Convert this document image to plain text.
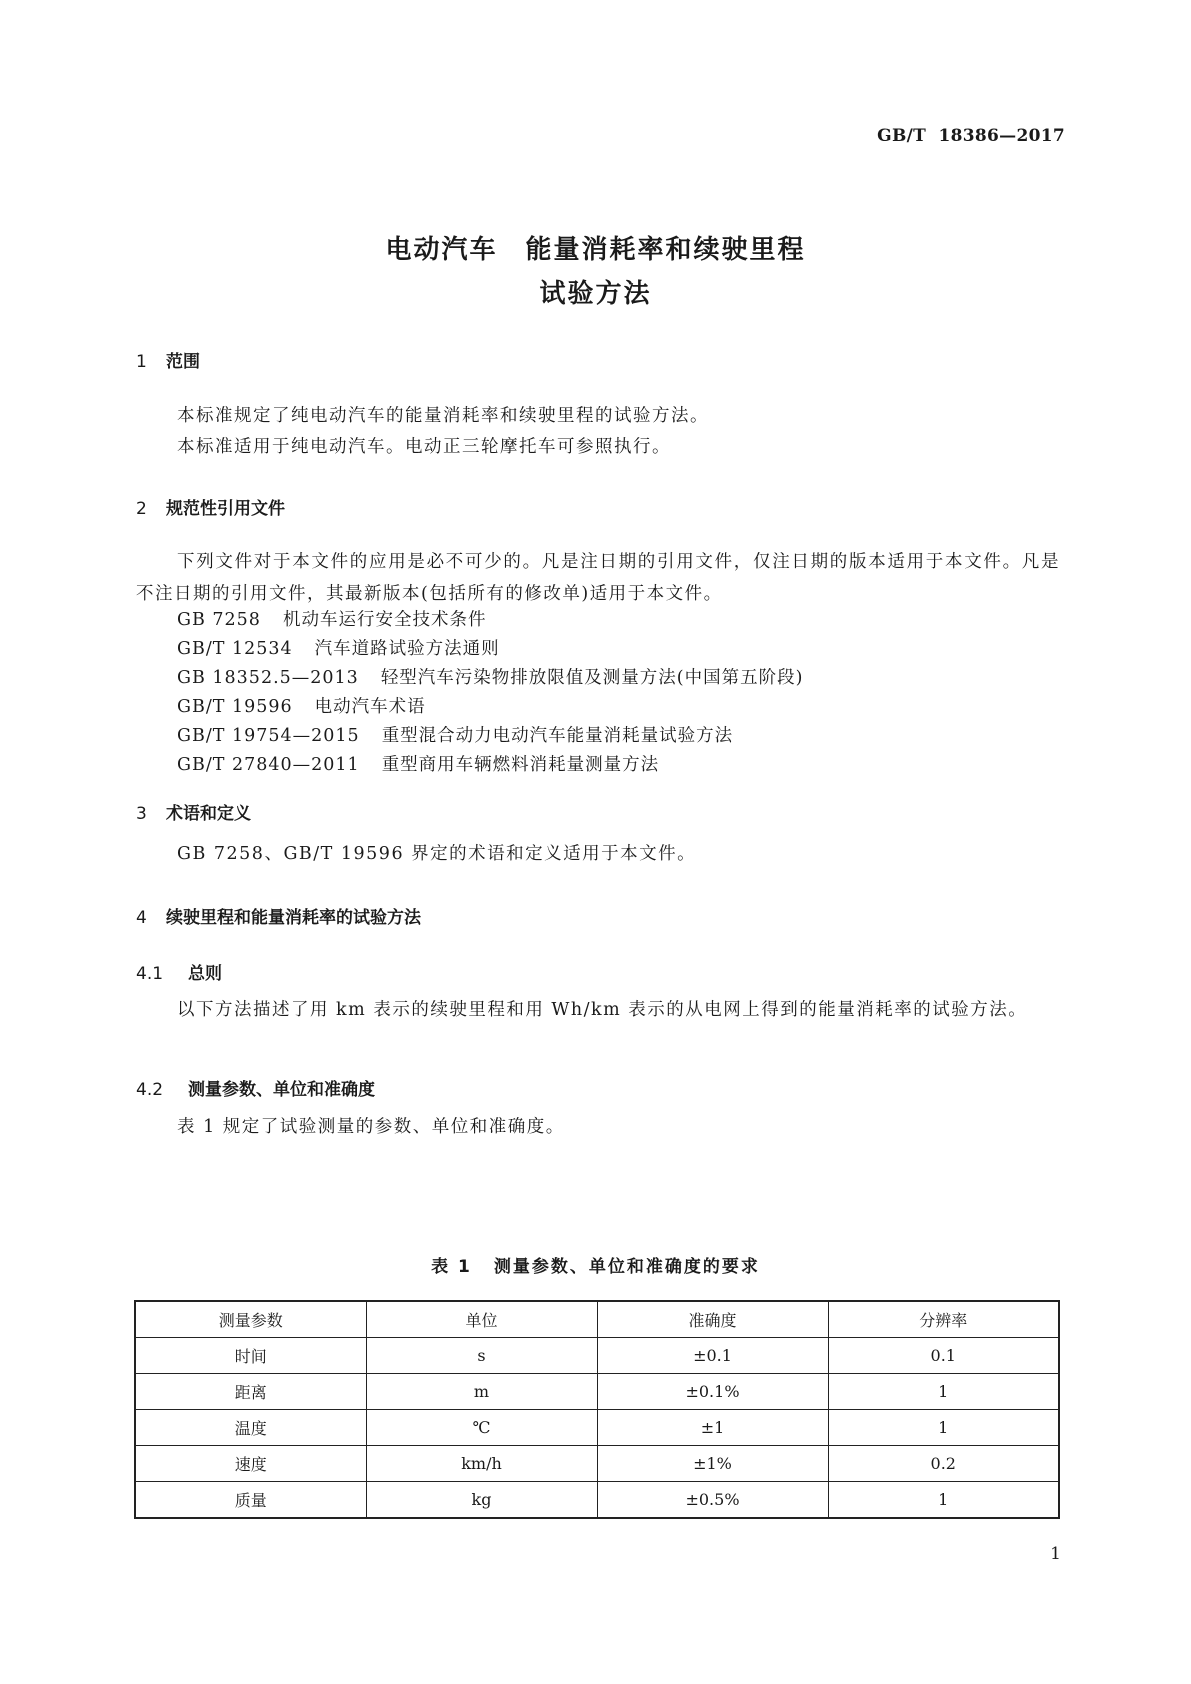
GB/T 18386—2017
电动汽车 能量消耗率和续驶里程
试验方法
1 范围
本标准规定了纯电动汽车的能量消耗率和续驶里程的试验方法。
本标准适用于纯电动汽车。电动正三轮摩托车可参照执行。
2 规范性引用文件
下列文件对于本文件的应用是必不可少的。凡是注日期的引用文件，仅注日期的版本适用于本文件。凡是不注日期的引用文件，其最新版本(包括所有的修改单)适用于本文件。
GB 7258 机动车运行安全技术条件
GB/T 12534 汽车道路试验方法通则
GB 18352.5—2013 轻型汽车污染物排放限值及测量方法(中国第五阶段)
GB/T 19596 电动汽车术语
GB/T 19754—2015 重型混合动力电动汽车能量消耗量试验方法
GB/T 27840—2011 重型商用车辆燃料消耗量测量方法
3 术语和定义
GB 7258、GB/T 19596 界定的术语和定义适用于本文件。
4 续驶里程和能量消耗率的试验方法
4.1 总则
以下方法描述了用 km 表示的续驶里程和用 Wh/km 表示的从电网上得到的能量消耗率的试验方法。
4.2 测量参数、单位和准确度
表 1 规定了试验测量的参数、单位和准确度。
表 1 测量参数、单位和准确度的要求
测量参数	单位	准确度	分辨率
时间	s	±0.1	0.1
距离	m	±0.1%	1
温度	℃	±1	1
速度	km/h	±1%	0.2
质量	kg	±0.5%	1
1
